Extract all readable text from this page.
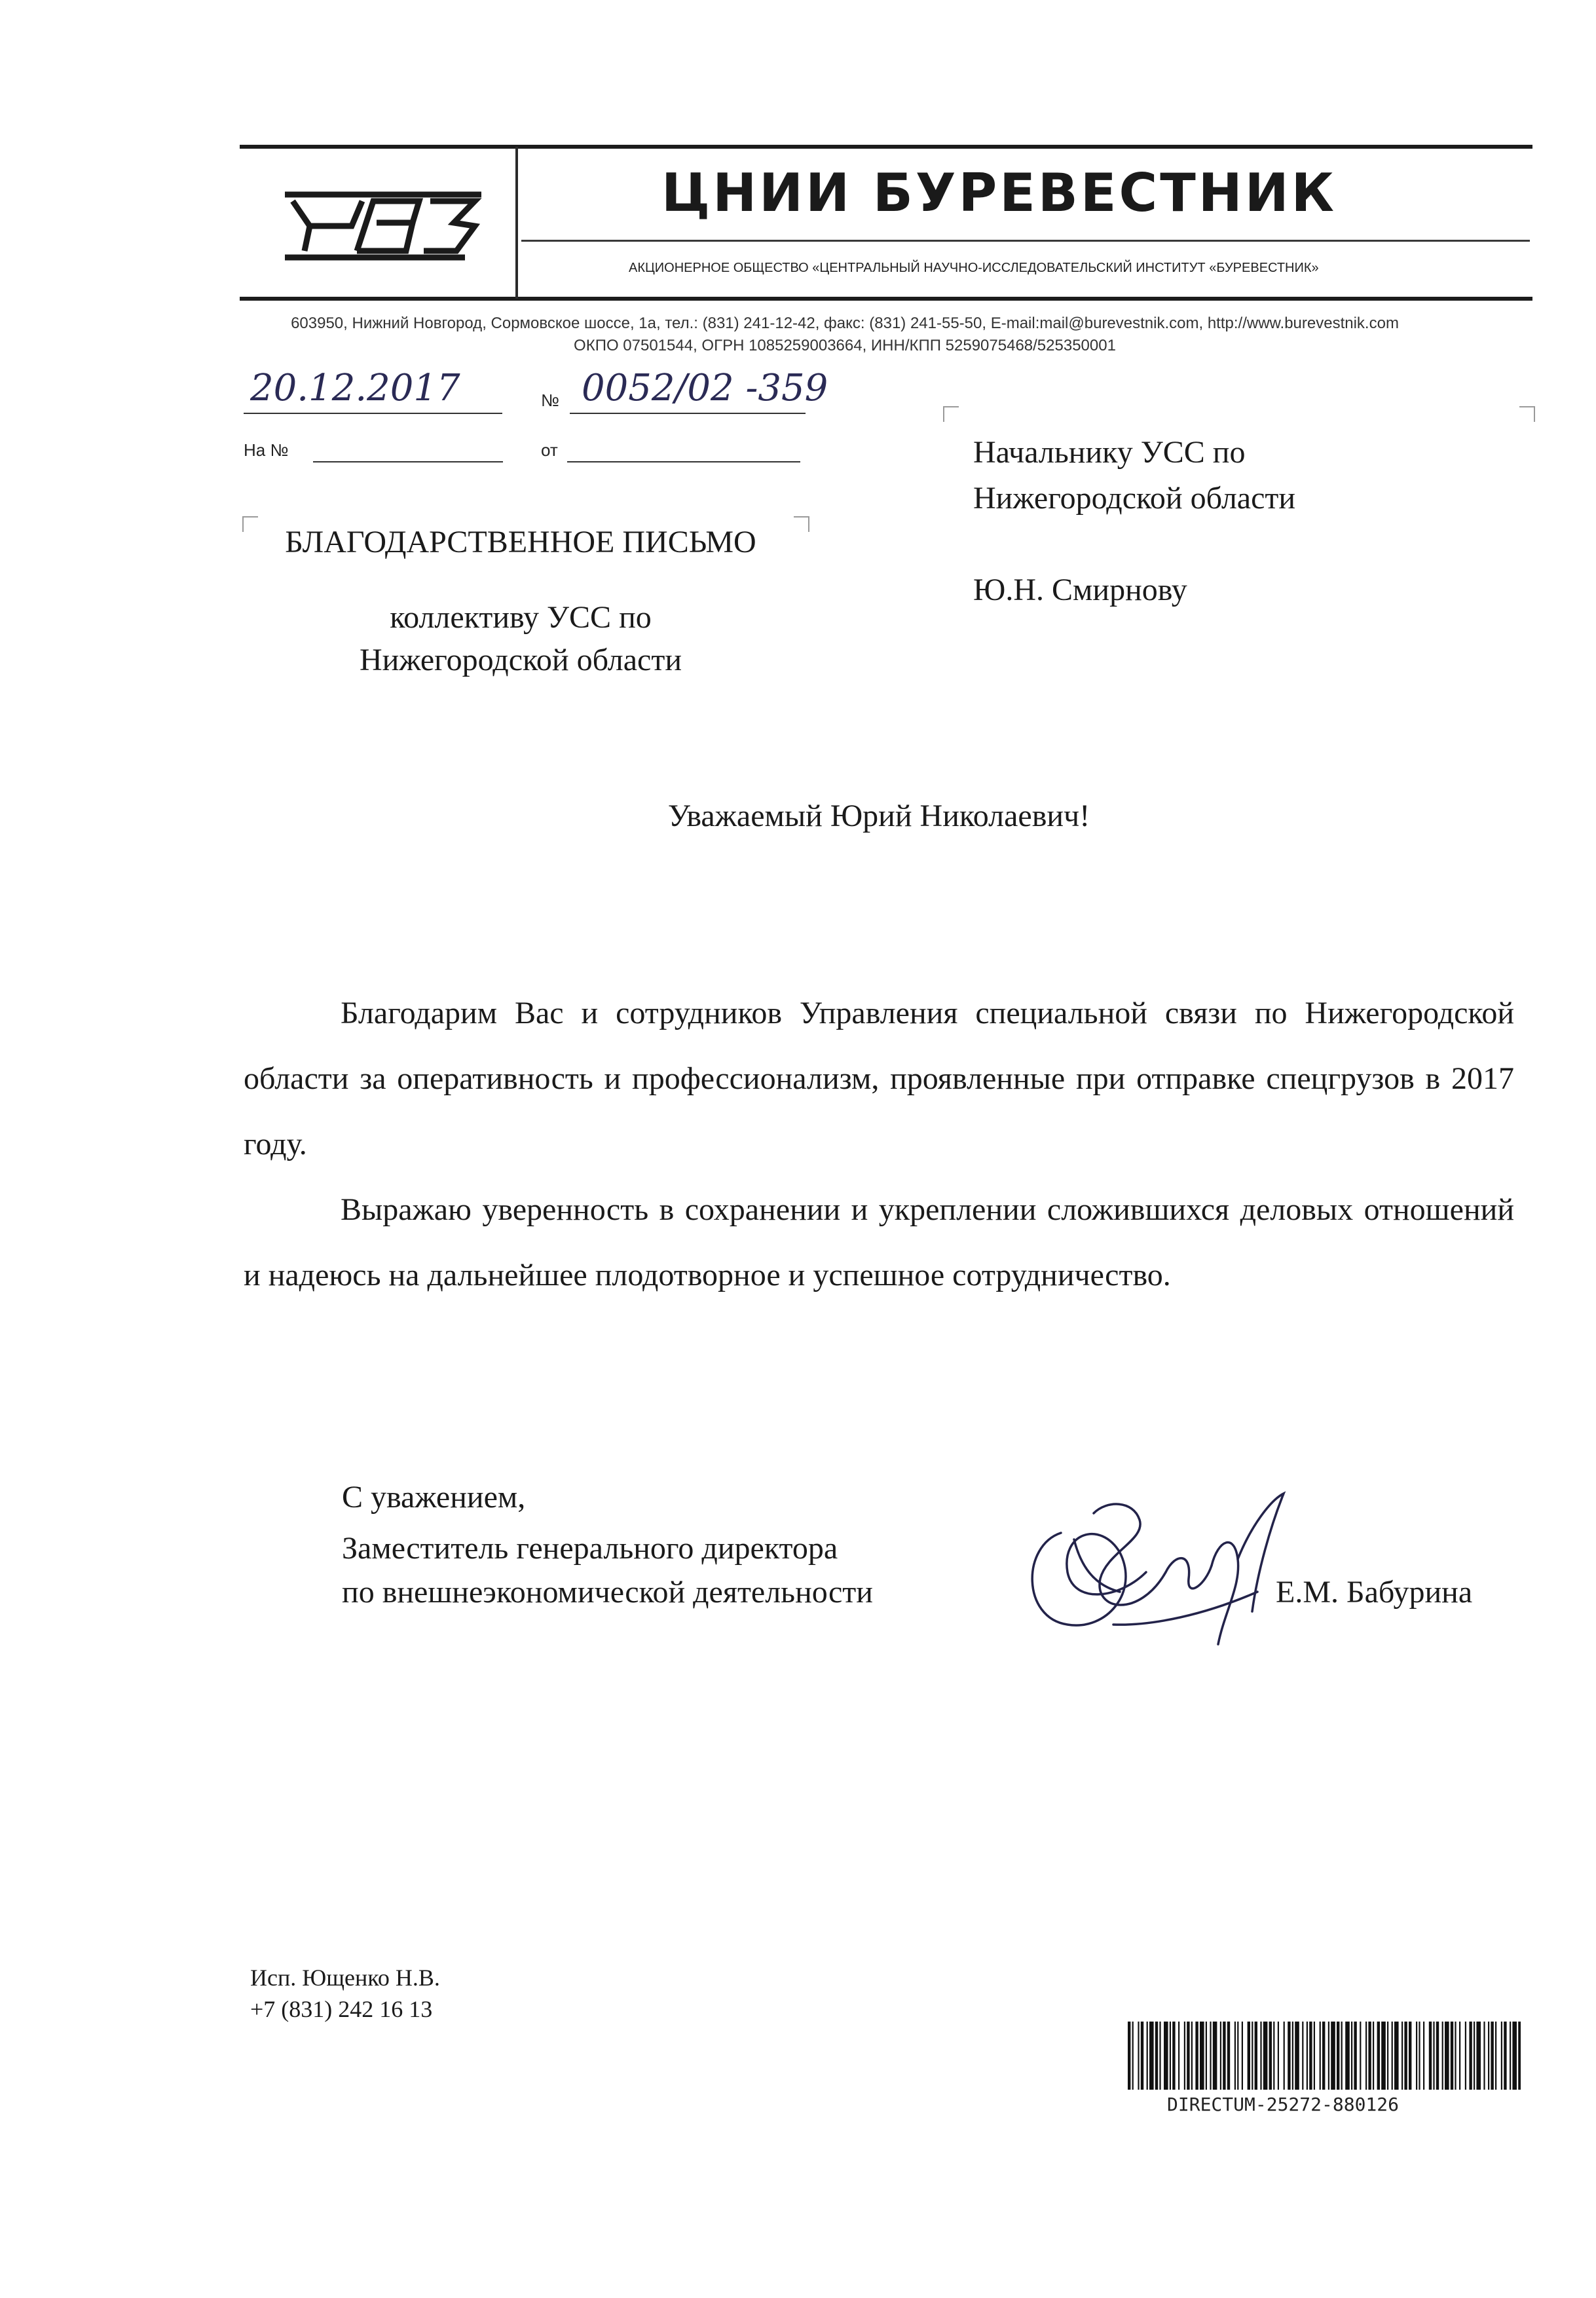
ЦНИИ БУРЕВЕСТНИК
АКЦИОНЕРНОЕ ОБЩЕСТВО «ЦЕНТРАЛЬНЫЙ НАУЧНО-ИССЛЕДОВАТЕЛЬСКИЙ ИНСТИТУТ «БУРЕВЕСТНИК»
603950, Нижний Новгород, Сормовское шоссе, 1а, тел.: (831) 241-12-42, факс: (831) 241-55-50, E-mail:mail@burevestnik.com, http://www.burevestnik.com
ОКПО 07501544, ОГРН 1085259003664, ИНН/КПП 5259075468/525350001
20.12.2017	№ 0052/02 -359
На №	от	Начальнику УСС по
Нижегородской области
Ю.Н. Смирнову
БЛАГОДАРСТВЕННОЕ ПИСЬМО
коллективу УСС по
Нижегородской области
Уважаемый Юрий Николаевич!
Благодарим Вас и сотрудников Управления специальной связи по Нижегородской области за оперативность и профессионализм, проявленные при отправке спецгрузов в 2017 году.
Выражаю уверенность в сохранении и укреплении сложившихся деловых отношений и надеюсь на дальнейшее плодотворное и успешное сотрудничество.
С уважением,
Заместитель генерального директора
по внешнеэкономической деятельности	Е.М. Бабурина
Исп. Ющенко Н.В.
+7 (831) 242 16 13
DIRECTUM-25272-880126
